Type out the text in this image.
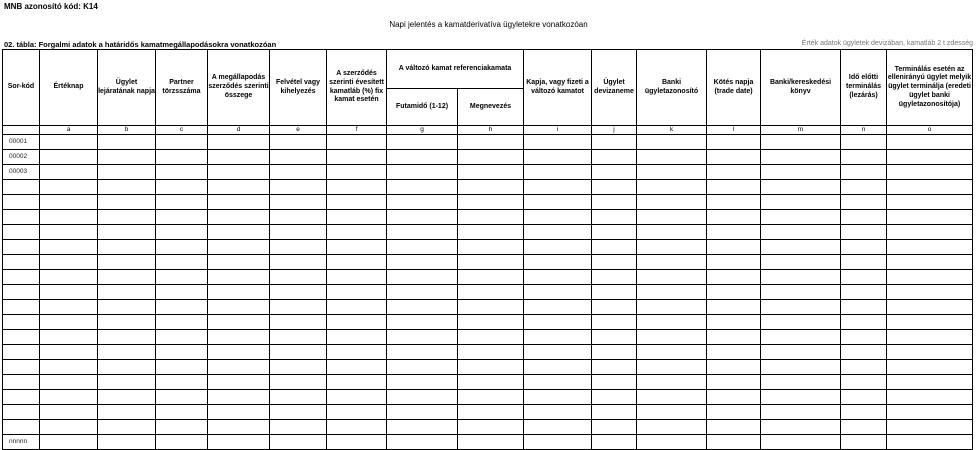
MNB azonosító kód: K14
Napi jelentés a kamatderivatíva ügyletekre vonatkozóan
02. tábla: Forgalmi adatok a határidős kamatmegállapodásokra vonatkozóan	Érték adatok ügyletek devizában, kamatláb 2 t.zdesség
Sor-kód	Értéknap	Ügylet lejáratának napja	Partner törzsszáma	A megállapodás szerződés szerinti összege	Felvétel vagy kihelyezés	A szerződés szerinti évesített kamatláb (%) fix kamat esetén	A változó kamat referenciakamata		Kapja, vagy fizeti a változó kamatot	Ügylet devizaneme	Banki ügyletazonosító	Kötés napja (trade date)	Banki/kereskedési könyv	Idő előtti terminálás (lezárás)	Terminálás esetén az ellenirányú ügylet melyik ügylet terminálja (eredeti ügylet banki ügyletazonosítója)
							Futamidő (1-12)	Megnevezés							
	a	b	c	d	e	f	g	h	i	j	k	l	m	n	o
00001															
00002															
00003															

nnnnn															
